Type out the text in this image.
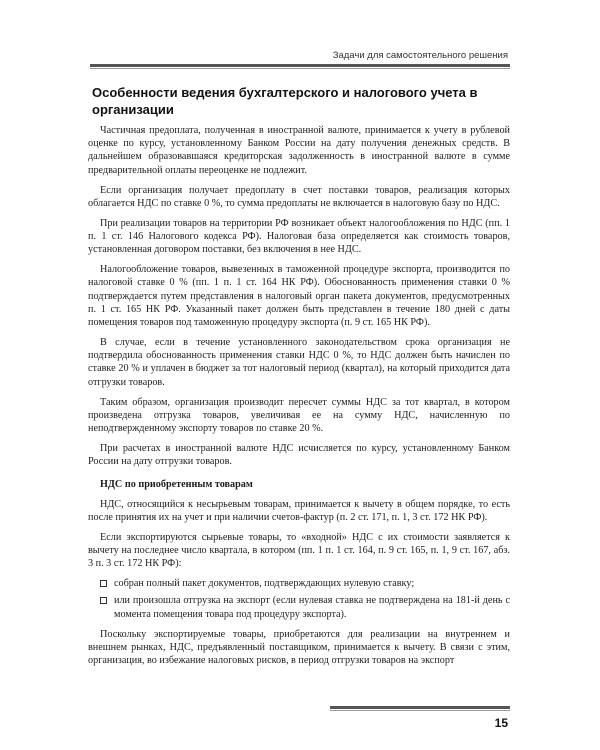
Задачи для самостоятельного решения
Особенности ведения бухгалтерского и налогового учета в организации

Частичная предоплата, полученная в иностранной валюте, принимается к учету в рублевой оценке по курсу, установленному Банком России на дату получения денежных средств. В дальнейшем образовавшаяся кредиторская задолженность в иностранной валюте в сумме предварительной оплаты переоценке не подлежит.

Если организация получает предоплату в счет поставки товаров, реализация которых облагается НДС по ставке 0 %, то сумма предоплаты не включается в налоговую базу по НДС.

При реализации товаров на территории РФ возникает объект налогообложения по НДС (пп. 1 п. 1 ст. 146 Налогового кодекса РФ). Налоговая база определяется как стоимость товаров, установленная договором поставки, без включения в нее НДС.

Налогообложение товаров, вывезенных в таможенной процедуре экспорта, производится по налоговой ставке 0 % (пп. 1 п. 1 ст. 164 НК РФ). Обоснованность применения ставки 0 % подтверждается путем представления в налоговый орган пакета документов, предусмотренных п. 1 ст. 165 НК РФ. Указанный пакет должен быть представлен в течение 180 дней с даты помещения товаров под таможенную процедуру экспорта (п. 9 ст. 165 НК РФ).

В случае, если в течение установленного законодательством срока организация не подтвердила обоснованность применения ставки НДС 0 %, то НДС должен быть начислен по ставке 20 % и уплачен в бюджет за тот налоговый период (квартал), на который приходится дата отгрузки товаров.

Таким образом, организация производит пересчет суммы НДС за тот квартал, в котором произведена отгрузка товаров, увеличивая ее на сумму НДС, начисленную по неподтвержденному экспорту товаров по ставке 20 %.

При расчетах в иностранной валюте НДС исчисляется по курсу, установленному Банком России на дату отгрузки товаров.

НДС по приобретенным товарам

НДС, относящийся к несырьевым товарам, принимается к вычету в общем порядке, то есть после принятия их на учет и при наличии счетов-фактур (п. 2 ст. 171, п. 1, 3 ст. 172 НК РФ).

Если экспортируются сырьевые товары, то «входной» НДС с их стоимости заявляется к вычету на последнее число квартала, в котором (пп. 1 п. 1 ст. 164, п. 9 ст. 165, п. 1, 9 ст. 167, абз. 3 п. 3 ст. 172 НК РФ):

собран полный пакет документов, подтверждающих нулевую ставку;
или произошла отгрузка на экспорт (если нулевая ставка не подтверждена на 181-й день с момента помещения товара под процедуру экспорта).

Поскольку экспортируемые товары, приобретаются для реализации на внутреннем и внешнем рынках, НДС, предъявленный поставщиком, принимается к вычету. В связи с этим, организация, во избежание налоговых рисков, в период отгрузки товаров на экспорт

15
